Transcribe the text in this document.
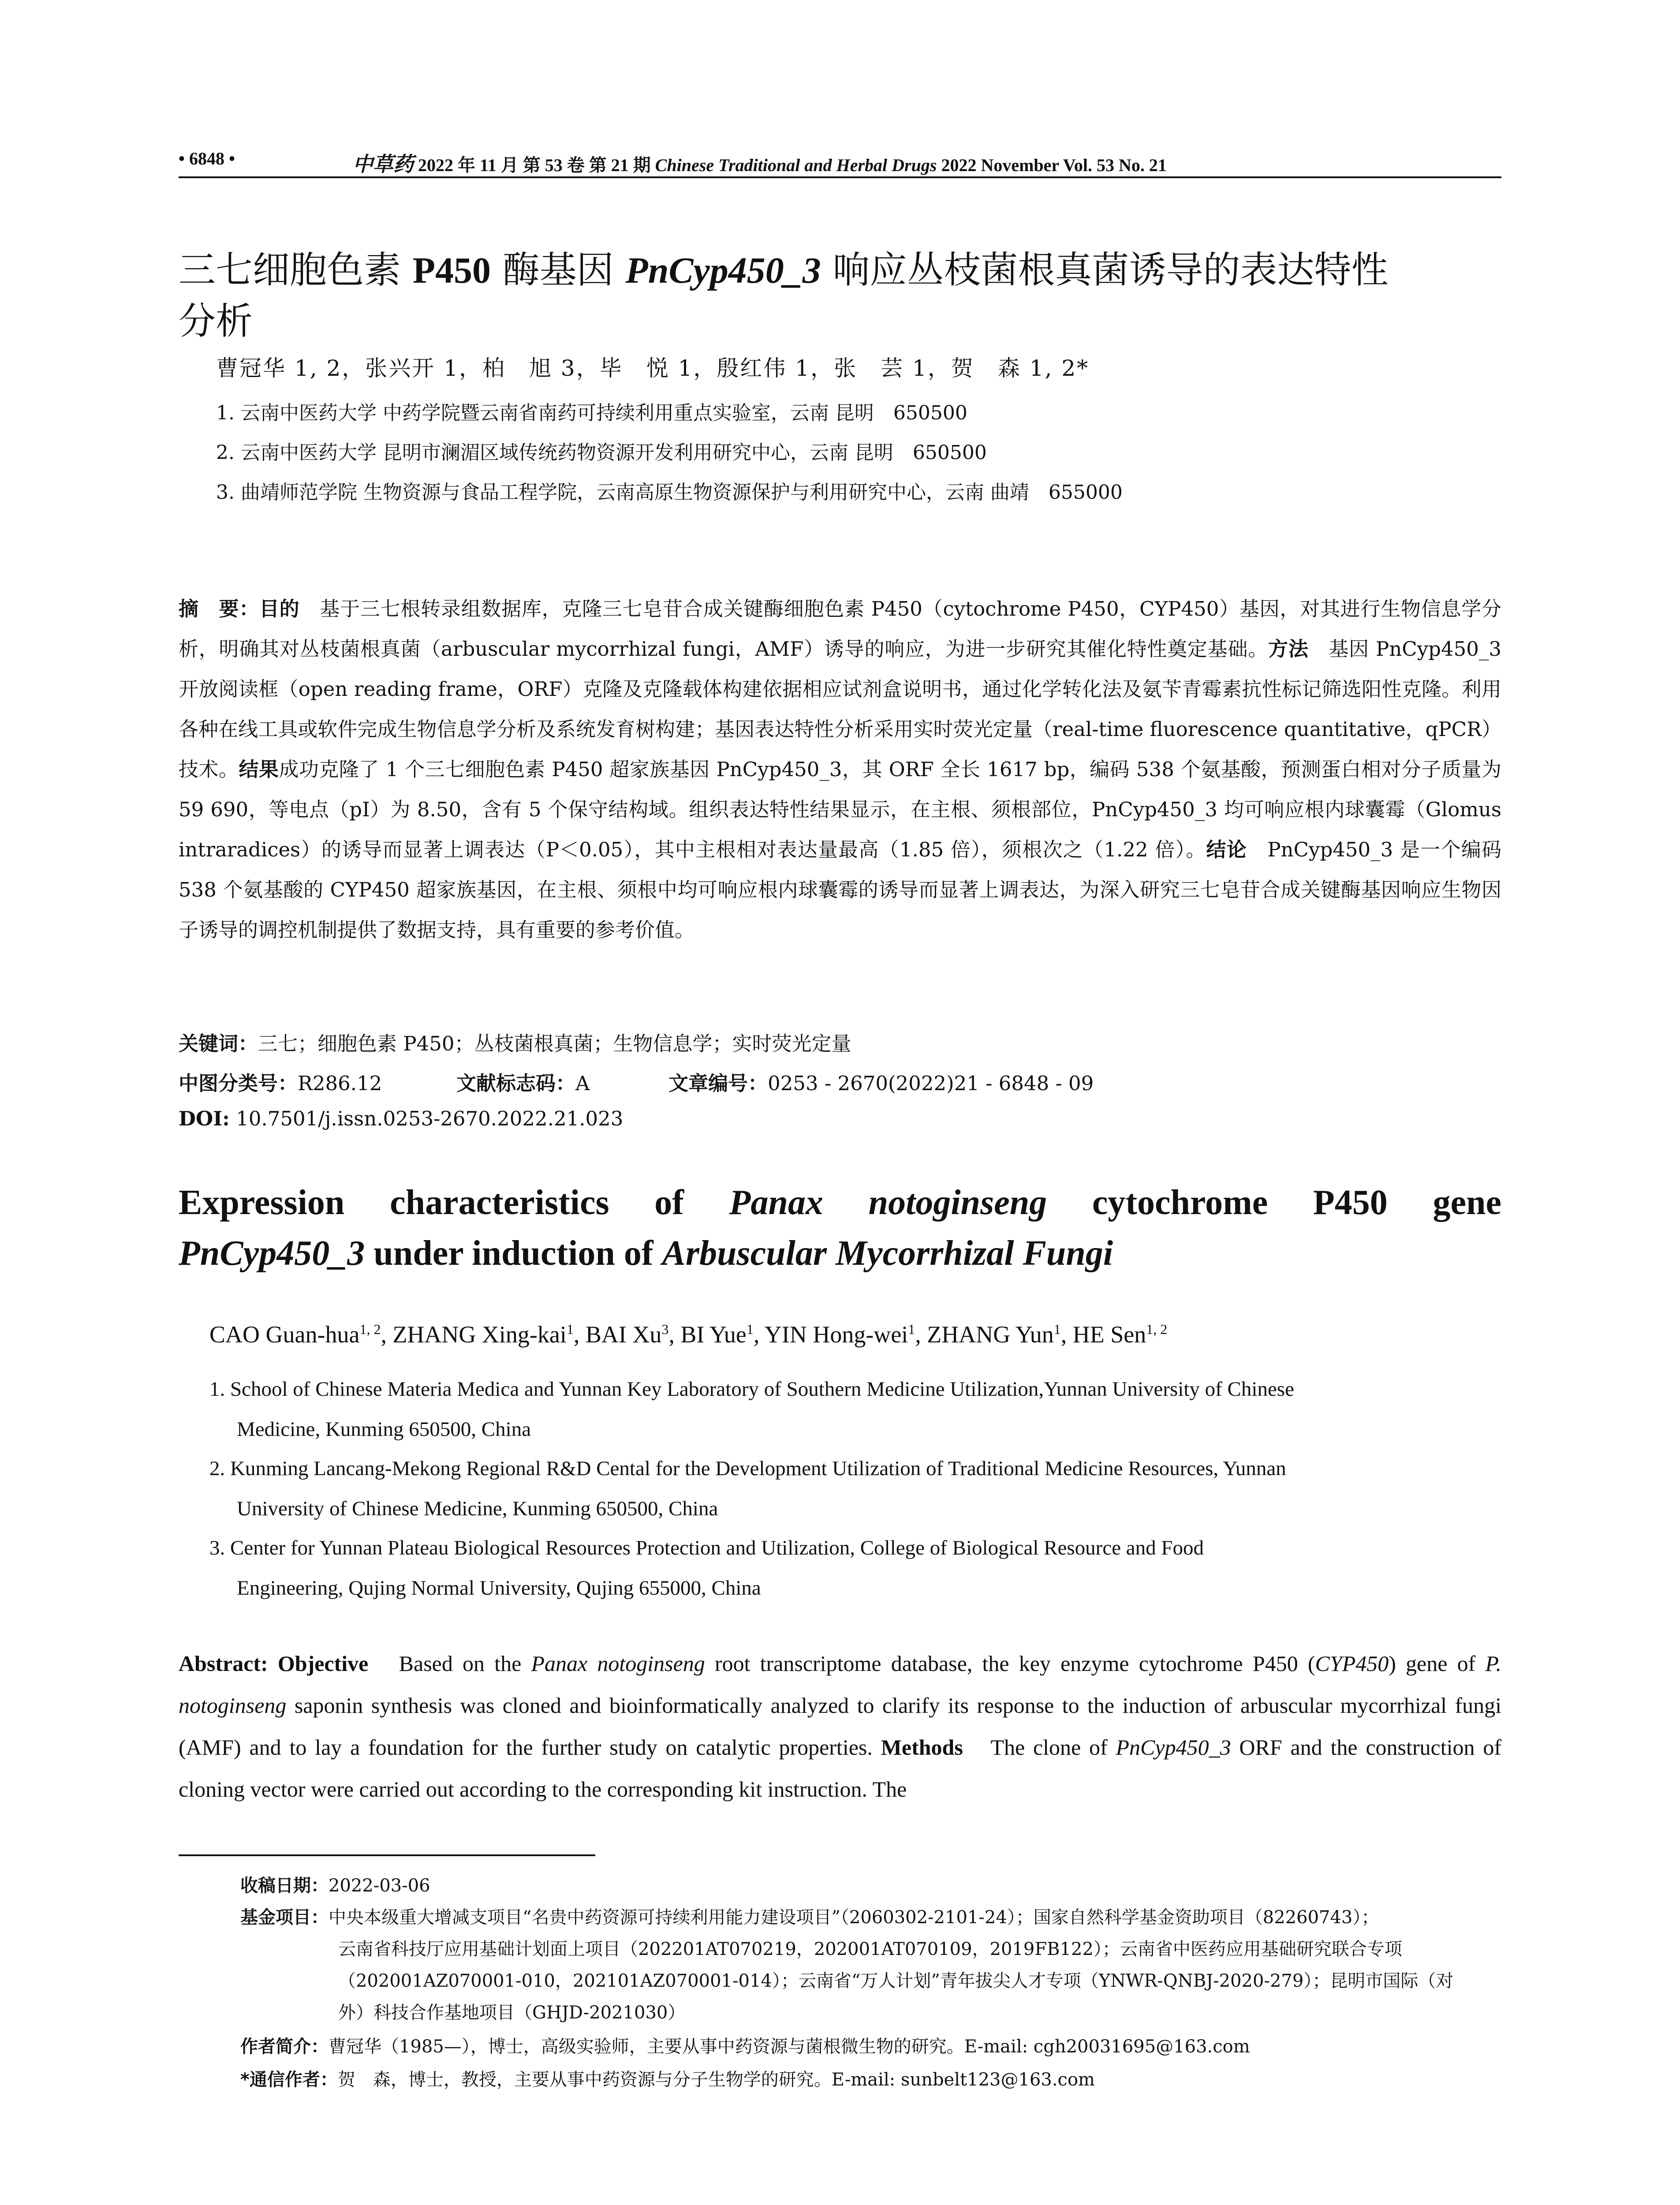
• 6848 •	中草药 2022 年 11 月 第 53 卷 第 21 期 Chinese Traditional and Herbal Drugs 2022 November Vol. 53 No. 21
三七细胞色素 P450 酶基因 PnCyp450_3 响应丛枝菌根真菌诱导的表达特性
分析
曹冠华 1, 2，张兴开 1，柏　旭 3，毕　悦 1，殷红伟 1，张　芸 1，贺　森 1, 2*
1. 云南中医药大学 中药学院暨云南省南药可持续利用重点实验室，云南 昆明　650500
2. 云南中医药大学 昆明市澜湄区域传统药物资源开发利用研究中心，云南 昆明　650500
3. 曲靖师范学院 生物资源与食品工程学院，云南高原生物资源保护与利用研究中心，云南 曲靖　655000
摘　要：目的　基于三七根转录组数据库，克隆三七皂苷合成关键酶细胞色素 P450（cytochrome P450，CYP450）基因，对其进行生物信息学分析，明确其对丛枝菌根真菌（arbuscular mycorrhizal fungi，AMF）诱导的响应，为进一步研究其催化特性奠定基础。方法　基因 PnCyp450_3 开放阅读框（open reading frame，ORF）克隆及克隆载体构建依据相应试剂盒说明书，通过化学转化法及氨苄青霉素抗性标记筛选阳性克隆。利用各种在线工具或软件完成生物信息学分析及系统发育树构建；基因表达特性分析采用实时荧光定量（real-time fluorescence quantitative，qPCR）技术。结果成功克隆了 1 个三七细胞色素 P450 超家族基因 PnCyp450_3，其 ORF 全长 1617 bp，编码 538 个氨基酸，预测蛋白相对分子质量为 59 690，等电点（pI）为 8.50，含有 5 个保守结构域。组织表达特性结果显示，在主根、须根部位，PnCyp450_3 均可响应根内球囊霉（Glomus intraradices）的诱导而显著上调表达（P＜0.05），其中主根相对表达量最高（1.85 倍），须根次之（1.22 倍）。结论　PnCyp450_3 是一个编码 538 个氨基酸的 CYP450 超家族基因，在主根、须根中均可响应根内球囊霉的诱导而显著上调表达，为深入研究三七皂苷合成关键酶基因响应生物因子诱导的调控机制提供了数据支持，具有重要的参考价值。
关键词：三七；细胞色素 P450；丛枝菌根真菌；生物信息学；实时荧光定量
中图分类号：R286.12	文献标志码：A	文章编号：0253 - 2670(2022)21 - 6848 - 09
DOI: 10.7501/j.issn.0253-2670.2022.21.023
Expression characteristics of Panax notoginseng cytochrome P450 gene
PnCyp450_3 under induction of Arbuscular Mycorrhizal Fungi
CAO Guan-hua$^{1, 2}$, ZHANG Xing-kai$^1$, BAI Xu$^3$, BI Yue$^1$, YIN Hong-wei$^1$, ZHANG Yun$^1$, HE Sen$^{1, 2}$
1. School of Chinese Materia Medica and Yunnan Key Laboratory of Southern Medicine Utilization,Yunnan University of Chinese
Medicine, Kunming 650500, China
2. Kunming Lancang-Mekong Regional R&D Cental for the Development Utilization of Traditional Medicine Resources, Yunnan
University of Chinese Medicine, Kunming 650500, China
3. Center for Yunnan Plateau Biological Resources Protection and Utilization, College of Biological Resource and Food
Engineering, Qujing Normal University, Qujing 655000, China
Abstract: Objective　Based on the Panax notoginseng root transcriptome database, the key enzyme cytochrome P450 (CYP450) gene of P. notoginseng saponin synthesis was cloned and bioinformatically analyzed to clarify its response to the induction of arbuscular mycorrhizal fungi (AMF) and to lay a foundation for the further study on catalytic properties. Methods　The clone of PnCyp450_3 ORF and the construction of cloning vector were carried out according to the corresponding kit instruction. The
收稿日期：2022-03-06
基金项目：中央本级重大增减支项目“名贵中药资源可持续利用能力建设项目”（2060302-2101-24）；国家自然科学基金资助项目（82260743）；
云南省科技厅应用基础计划面上项目（202201AT070219，202001AT070109，2019FB122）；云南省中医药应用基础研究联合专项
（202001AZ070001-010，202101AZ070001-014）；云南省“万人计划”青年拔尖人才专项（YNWR-QNBJ-2020-279）；昆明市国际（对
外）科技合作基地项目（GHJD-2021030）
作者简介：曹冠华（1985—），博士，高级实验师，主要从事中药资源与菌根微生物的研究。E-mail: cgh20031695@163.com
*通信作者：贺　森，博士，教授，主要从事中药资源与分子生物学的研究。E-mail: sunbelt123@163.com
